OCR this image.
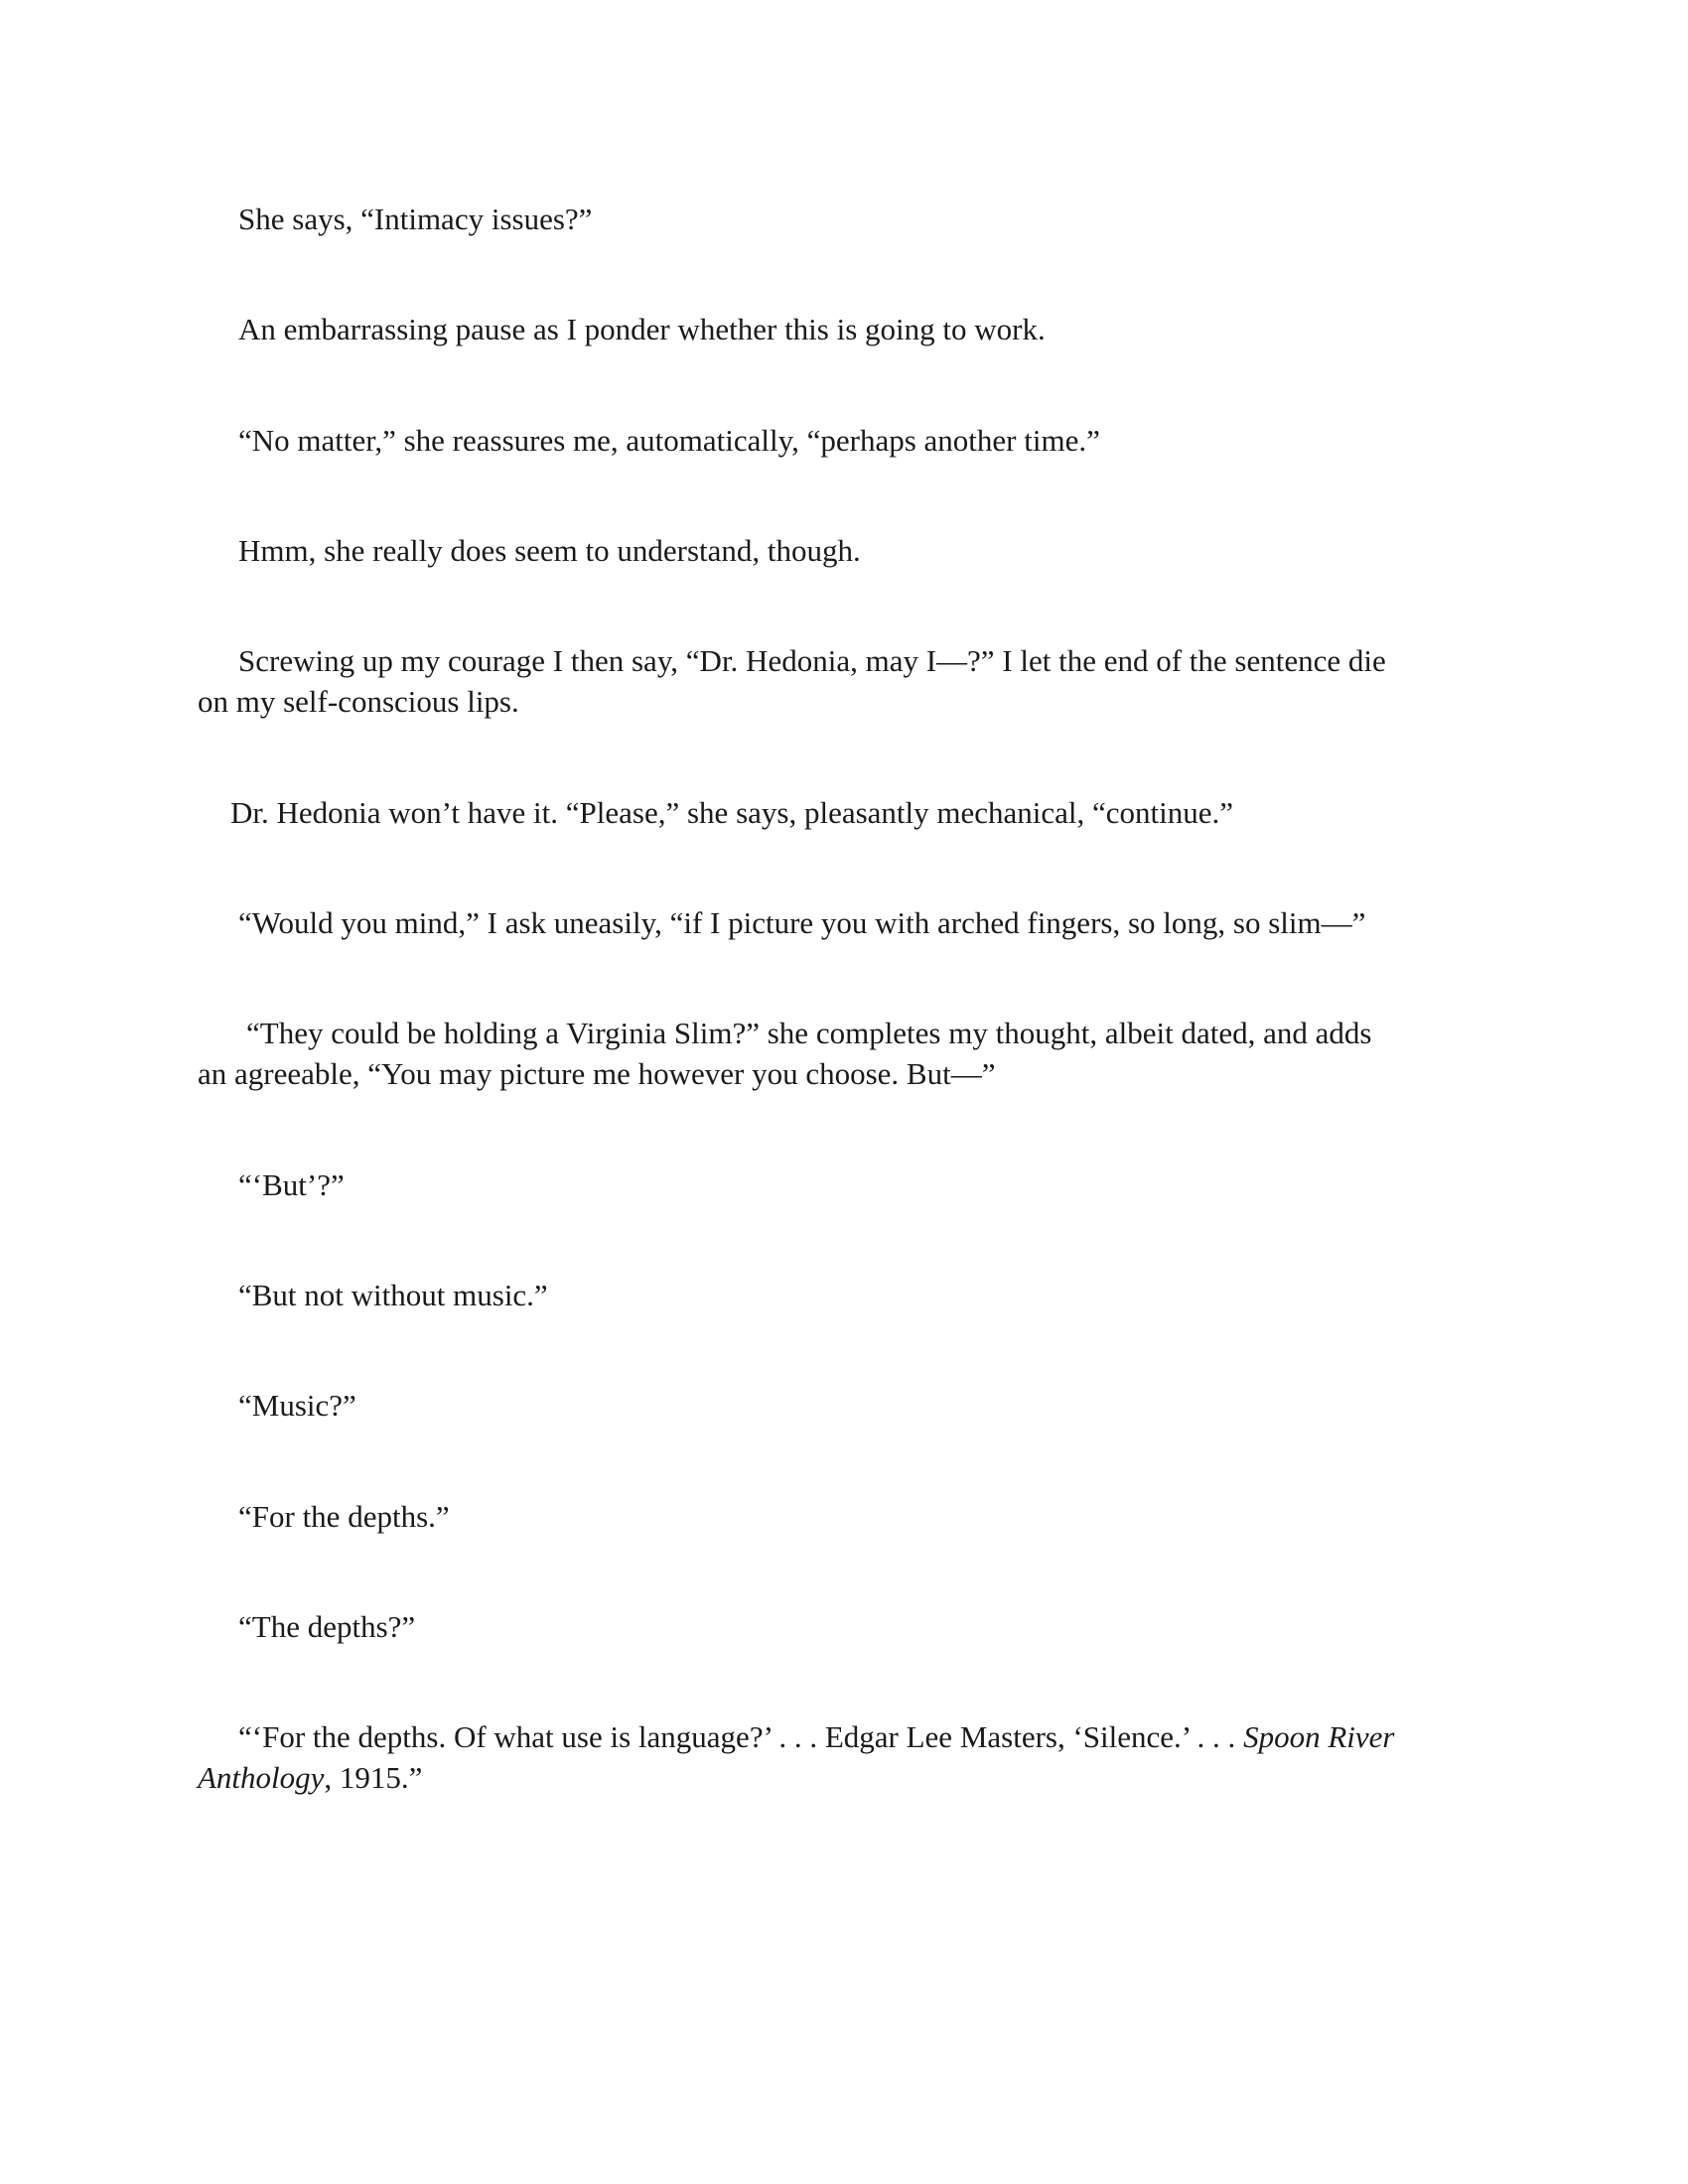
She says, “Intimacy issues?”

An embarrassing pause as I ponder whether this is going to work.

“No matter,” she reassures me, automatically, “perhaps another time.”

Hmm, she really does seem to understand, though.

Screwing up my courage I then say, “Dr. Hedonia, may I—?” I let the end of the sentence die
on my self-conscious lips.

Dr. Hedonia won’t have it. “Please,” she says, pleasantly mechanical, “continue.”

“Would you mind,” I ask uneasily, “if I picture you with arched fingers, so long, so slim—”

“They could be holding a Virginia Slim?” she completes my thought, albeit dated, and adds
an agreeable, “You may picture me however you choose. But—”

“‘But’?”

“But not without music.”

“Music?”

“For the depths.”

“The depths?”

“‘For the depths. Of what use is language?’ . . . Edgar Lee Masters, ‘Silence.’ . . . Spoon River
Anthology, 1915.”
